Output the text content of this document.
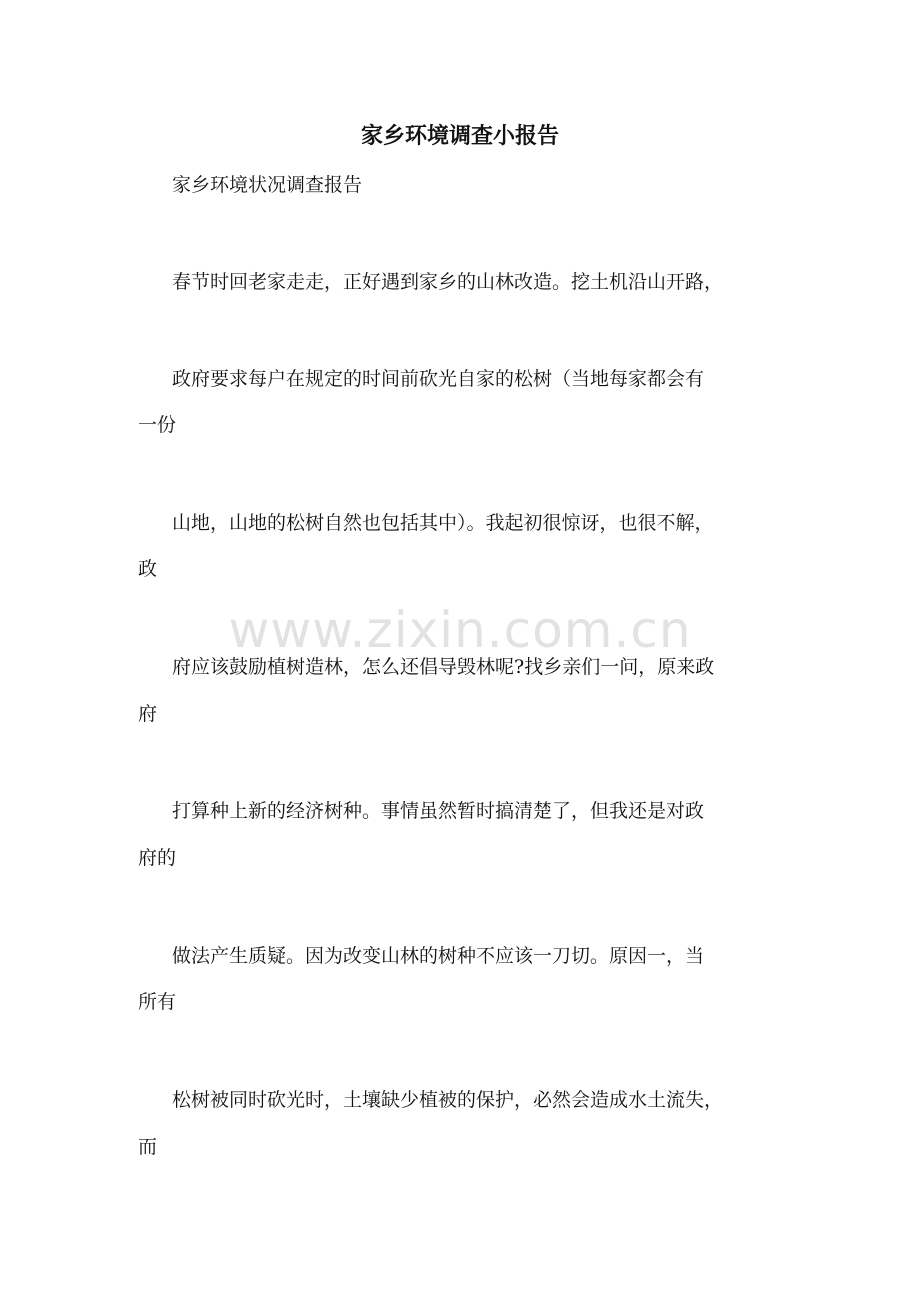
家乡环境调查小报告
家乡环境状况调查报告
春节时回老家走走，正好遇到家乡的山林改造。挖土机沿山开路，
政府要求每户在规定的时间前砍光自家的松树（当地每家都会有
一份
山地，山地的松树自然也包括其中）。我起初很惊讶，也很不解，
政
府应该鼓励植树造林，怎么还倡导毁林呢?找乡亲们一问，原来政
府
打算种上新的经济树种。事情虽然暂时搞清楚了，但我还是对政
府的
做法产生质疑。因为改变山林的树种不应该一刀切。原因一，当
所有
松树被同时砍光时，土壤缺少植被的保护，必然会造成水土流失，
而
www.zixin.com.cn
